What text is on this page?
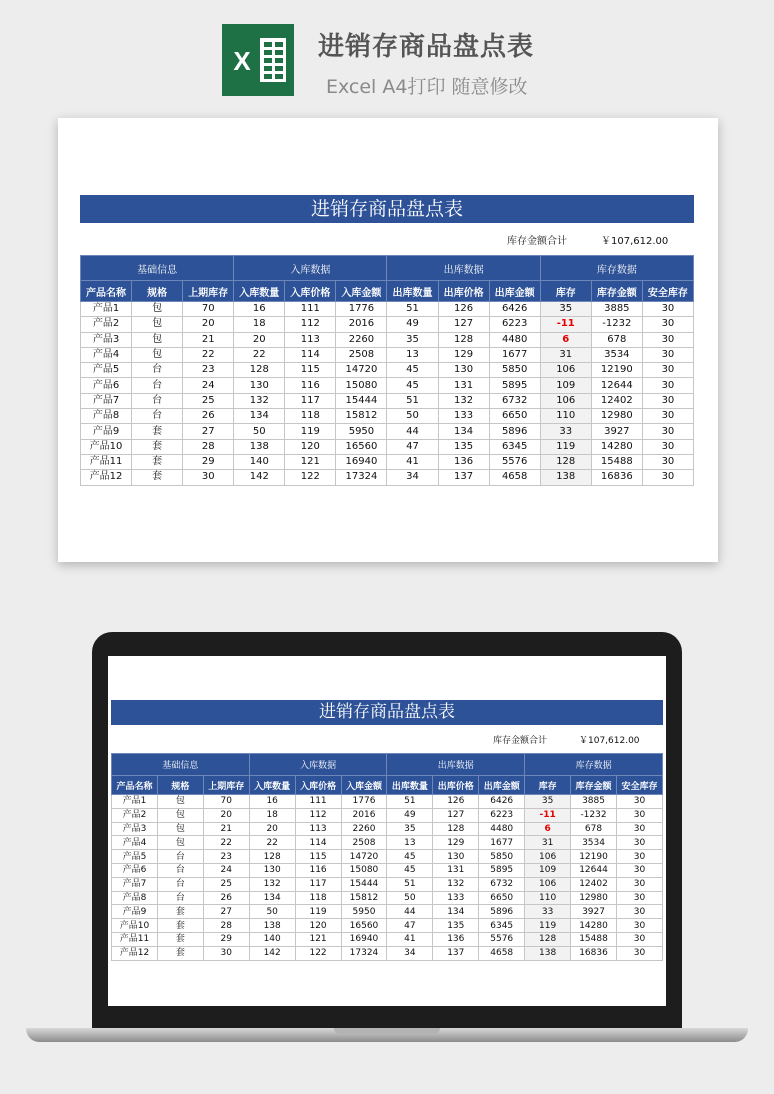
X	进销存商品盘点表
Excel A4打印 随意修改
进销存商品盘点表
库存金额合计	￥107,612.00
基础信息			入库数据			出库数据			库存数据		
产品名称	规格	上期库存	入库数量	入库价格	入库金额	出库数量	出库价格	出库金额	库存	库存金额	安全库存
产品1	包	70	16	111	1776	51	126	6426	35	3885	30
产品2	包	20	18	112	2016	49	127	6223	-11	-1232	30
产品3	包	21	20	113	2260	35	128	4480	6	678	30
产品4	包	22	22	114	2508	13	129	1677	31	3534	30
产品5	台	23	128	115	14720	45	130	5850	106	12190	30
产品6	台	24	130	116	15080	45	131	5895	109	12644	30
产品7	台	25	132	117	15444	51	132	6732	106	12402	30
产品8	台	26	134	118	15812	50	133	6650	110	12980	30
产品9	套	27	50	119	5950	44	134	5896	33	3927	30
产品10	套	28	138	120	16560	47	135	6345	119	14280	30
产品11	套	29	140	121	16940	41	136	5576	128	15488	30
产品12	套	30	142	122	17324	34	137	4658	138	16836	30
进销存商品盘点表
库存金额合计	￥107,612.00
基础信息			入库数据			出库数据			库存数据		
产品名称	规格	上期库存	入库数量	入库价格	入库金额	出库数量	出库价格	出库金额	库存	库存金额	安全库存
产品1	包	70	16	111	1776	51	126	6426	35	3885	30
产品2	包	20	18	112	2016	49	127	6223	-11	-1232	30
产品3	包	21	20	113	2260	35	128	4480	6	678	30
产品4	包	22	22	114	2508	13	129	1677	31	3534	30
产品5	台	23	128	115	14720	45	130	5850	106	12190	30
产品6	台	24	130	116	15080	45	131	5895	109	12644	30
产品7	台	25	132	117	15444	51	132	6732	106	12402	30
产品8	台	26	134	118	15812	50	133	6650	110	12980	30
产品9	套	27	50	119	5950	44	134	5896	33	3927	30
产品10	套	28	138	120	16560	47	135	6345	119	14280	30
产品11	套	29	140	121	16940	41	136	5576	128	15488	30
产品12	套	30	142	122	17324	34	137	4658	138	16836	30
